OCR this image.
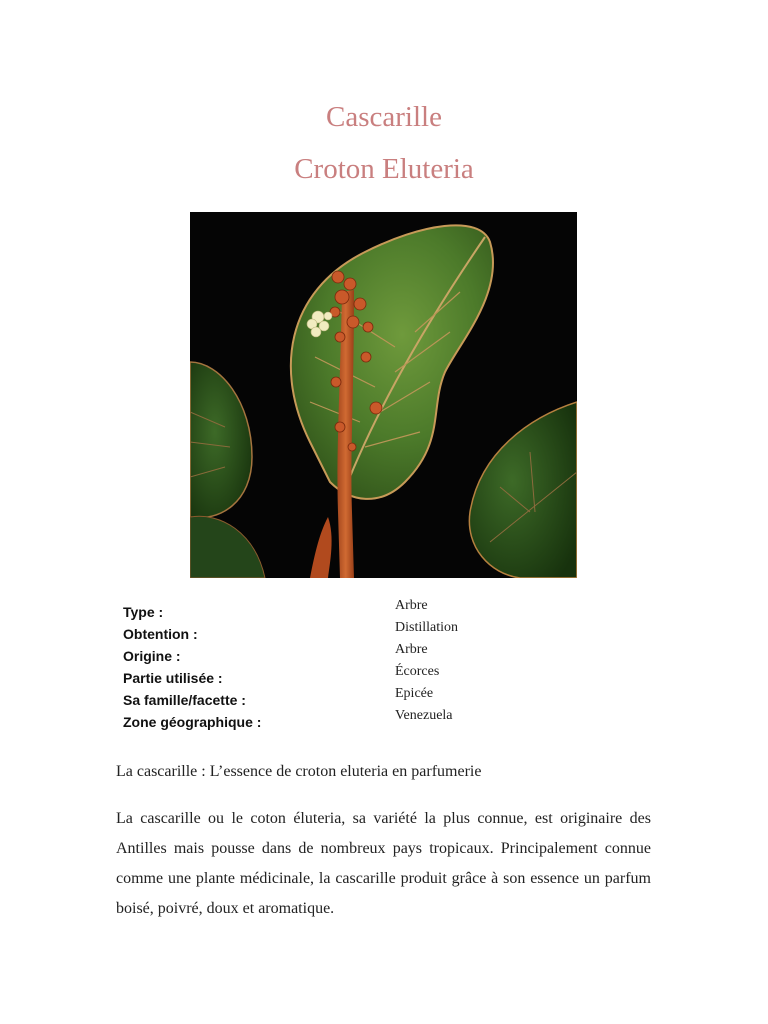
Cascarille
Croton Eluteria
Type :	Arbre
Obtention :	Distillation
Origine :	Arbre
Partie utilisée :	Écorces
Sa famille/facette :	Epicée
Zone géographique :	Venezuela
La cascarille : L’essence de croton eluteria en parfumerie
La cascarille ou le coton éluteria, sa variété la plus connue, est originaire des Antilles mais pousse dans de nombreux pays tropicaux. Principalement connue comme une plante médicinale, la cascarille produit grâce à son essence un parfum boisé, poivré, doux et aromatique.
